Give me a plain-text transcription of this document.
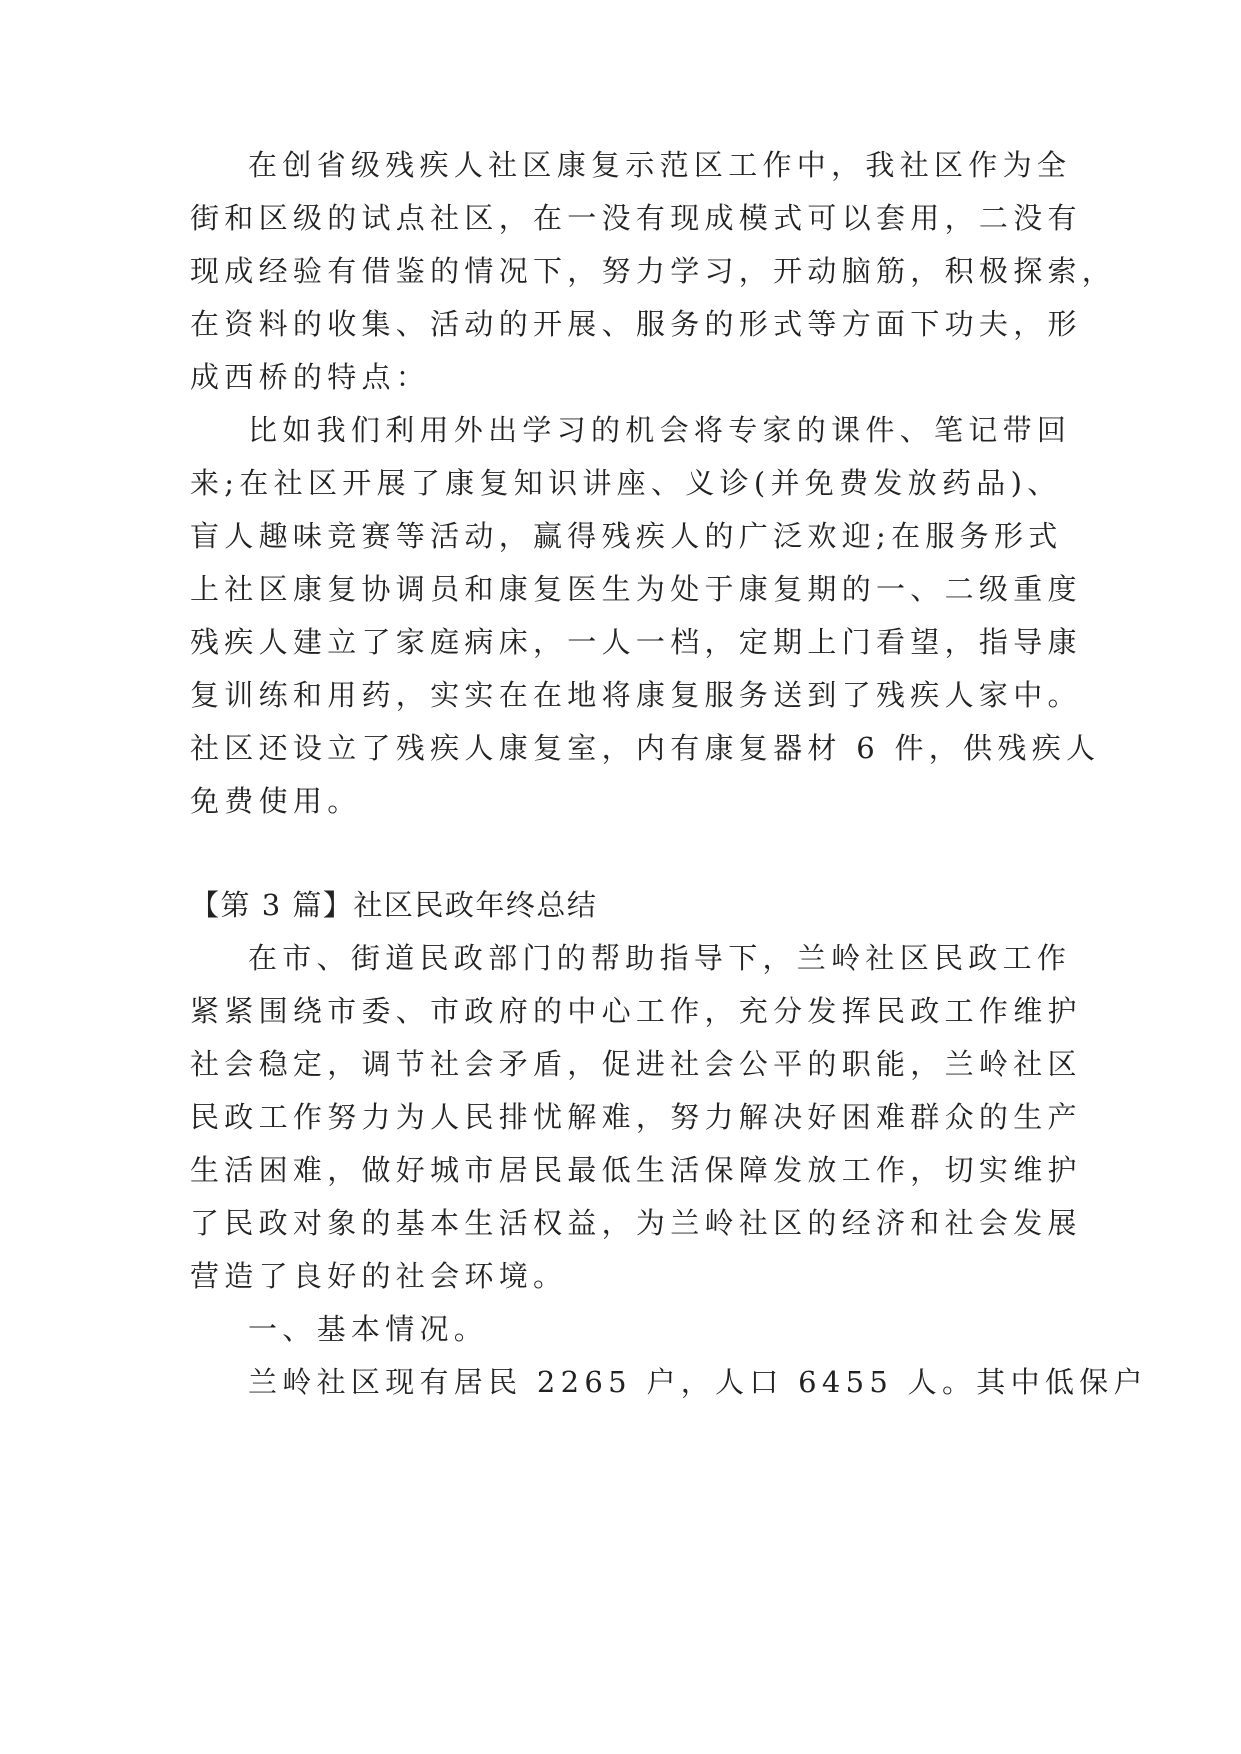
在创省级残疾人社区康复示范区工作中，我社区作为全
街和区级的试点社区，在一没有现成模式可以套用，二没有
现成经验有借鉴的情况下，努力学习，开动脑筋，积极探索，
在资料的收集、活动的开展、服务的形式等方面下功夫，形
成西桥的特点：
比如我们利用外出学习的机会将专家的课件、笔记带回
来;在社区开展了康复知识讲座、义诊(并免费发放药品)、
盲人趣味竞赛等活动，赢得残疾人的广泛欢迎;在服务形式
上社区康复协调员和康复医生为处于康复期的一、二级重度
残疾人建立了家庭病床，一人一档，定期上门看望，指导康
复训练和用药，实实在在地将康复服务送到了残疾人家中。
社区还设立了残疾人康复室，内有康复器材 6 件，供残疾人
免费使用。
【第 3 篇】社区民政年终总结
在市、街道民政部门的帮助指导下，兰岭社区民政工作
紧紧围绕市委、市政府的中心工作，充分发挥民政工作维护
社会稳定，调节社会矛盾，促进社会公平的职能，兰岭社区
民政工作努力为人民排忧解难，努力解决好困难群众的生产
生活困难，做好城市居民最低生活保障发放工作，切实维护
了民政对象的基本生活权益，为兰岭社区的经济和社会发展
营造了良好的社会环境。
一、基本情况。
兰岭社区现有居民 2265 户，人口 6455 人。其中低保户
